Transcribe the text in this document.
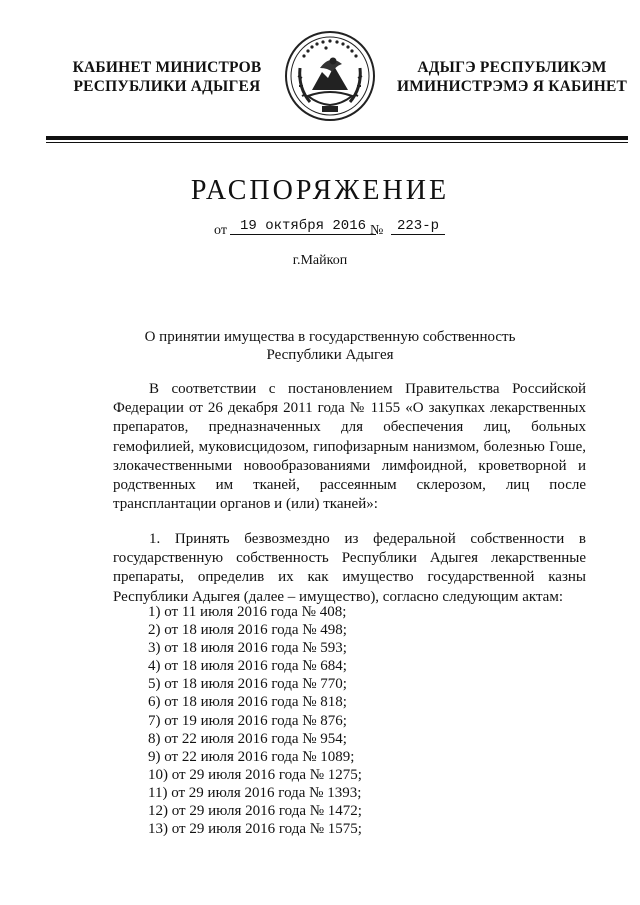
КАБИНЕТ МИНИСТРОВ
РЕСПУБЛИКИ АДЫГЕЯ
АДЫГЭ РЕСПУБЛИКЭМ
ИМИНИСТРЭМЭ Я КАБИНЕТ
РАСПОРЯЖЕНИЕ
от 19 октября 2016 № 223-р
г.Майкоп
О принятии имущества в государственную собственность
Республики Адыгея

В соответствии с постановлением Правительства Российской Федерации от 26 декабря 2011 года № 1155 «О закупках лекарственных препаратов, предназначенных для обеспечения лиц, больных гемофилией, муковисцидозом, гипофизарным нанизмом, болезнью Гоше, злокачественными новообразованиями лимфоидной, кроветворной и родственных им тканей, рассеянным склерозом, лиц после трансплантации органов и (или) тканей»:

1. Принять безвозмездно из федеральной собственности в государственную собственность Республики Адыгея лекарственные препараты, определив их как имущество государственной казны Республики Адыгея (далее – имущество), согласно следующим актам:

1) от 11 июля 2016 года № 408;
2) от 18 июля 2016 года № 498;
3) от 18 июля 2016 года № 593;
4) от 18 июля 2016 года № 684;
5) от 18 июля 2016 года № 770;
6) от 18 июля 2016 года № 818;
7) от 19 июля 2016 года № 876;
8) от 22 июля 2016 года № 954;
9) от 22 июля 2016 года № 1089;
10) от 29 июля 2016 года № 1275;
11) от 29 июля 2016 года № 1393;
12) от 29 июля 2016 года № 1472;
13) от 29 июля 2016 года № 1575;
